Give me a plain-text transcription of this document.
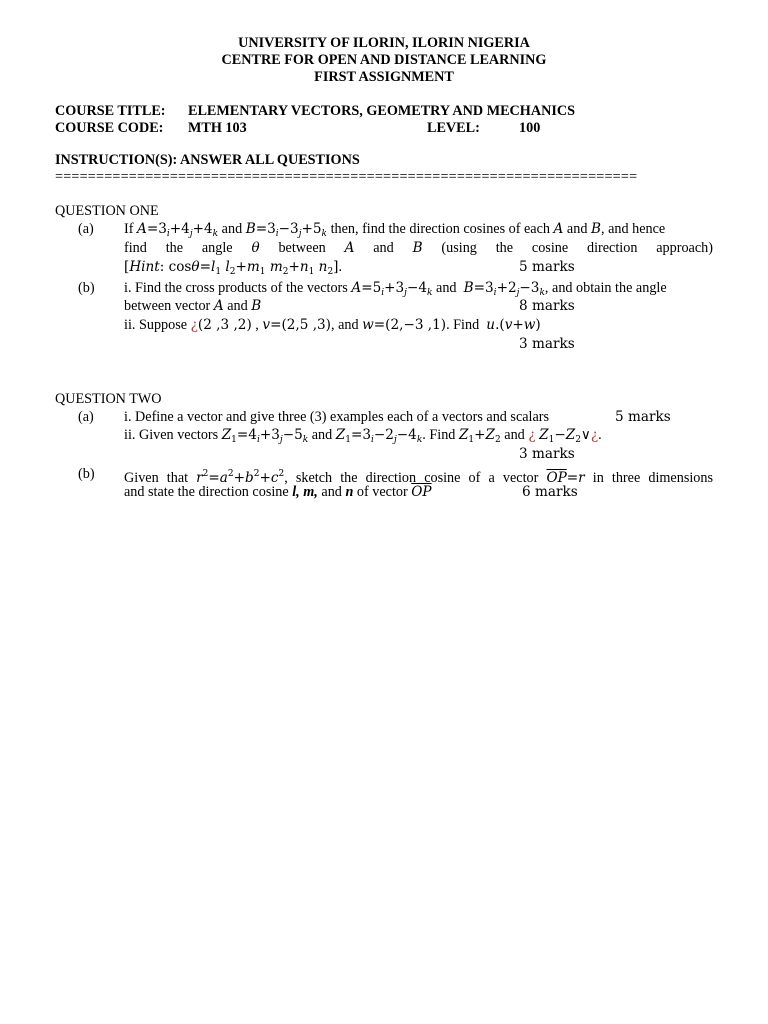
UNIVERSITY OF ILORIN, ILORIN NIGERIA
CENTRE FOR OPEN AND DISTANCE LEARNING
FIRST ASSIGNMENT
COURSE TITLE: ELEMENTARY VECTORS, GEOMETRY AND MECHANICS
COURSE CODE: MTH 103	LEVEL:	100
INSTRUCTION(S): ANSWER ALL QUESTIONS
=======================================================================
QUESTION ONE
(a) If $A=3_i+4_j+4_k$ and $B=3_i-3_j+5_k$ then, find the direction cosines of each A and B, and hence
find the angle θ between A and B (using the cosine direction approach)
[Hint: $\cos\theta=l_1$ $l_2+m_1$ $m_2+n_1$ $n_2$].	5 marks
(b) i. Find the cross products of the vectors $A=5_i+3_j-4_k$ and  $B=3_i+2_j-3_k$, and obtain the angle
between vector A and B	8 marks
ii. Suppose ¿(2 ,3 ,2) , v=(2,5 ,3), and w=(2,−3 ,1). Find u.(v+w)
3 marks
QUESTION TWO
(a) i. Define a vector and give three (3) examples each of a vectors and scalars	5 marks
ii. Given vectors $Z_1=4_i+3_j-5_k$ and $Z_1=3_i-2_j-4_k$. Find $Z_1+Z_2$ and ¿ $Z_1-Z_2\vee¿$.
3 marks
(b) Given that $r^2=a^2+b^2+c^2$, sketch the direction cosine of a vector $\overline{OP}=r$ in three dimensions
and state the direction cosine l, m, and n of vector $\overline{OP}$	6 marks
